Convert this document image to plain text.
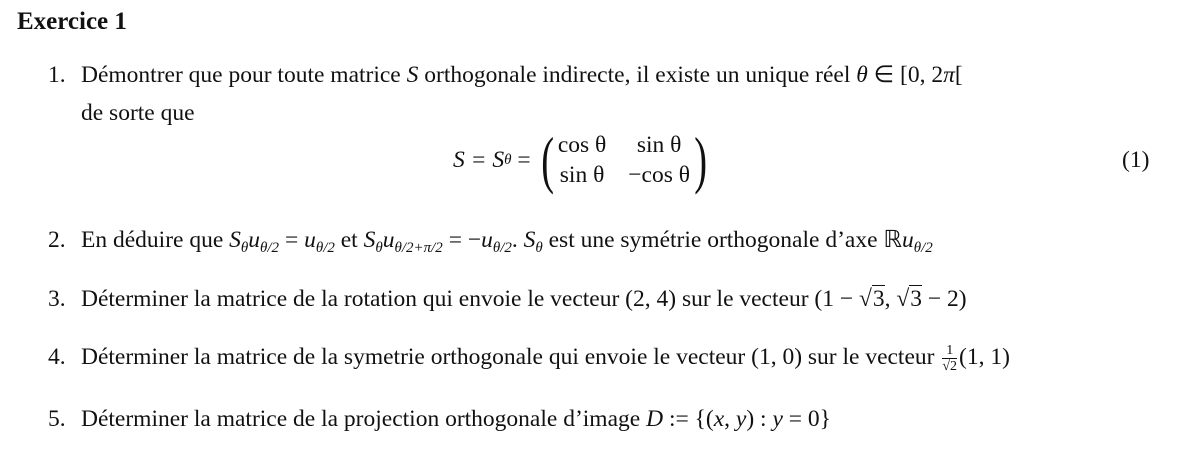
Exercice 1
1. Démontrer que pour toute matrice S orthogonale indirecte, il existe un unique réel θ ∈ [0, 2π[
2. En déduire que $S_\theta u_{\theta/2} = u_{\theta/2}$ et $S_\theta u_{\theta/2+\pi/2} = -u_{\theta/2}$. $S_\theta$ est une symétrie orthogonale d’axe ℝu$_{\theta/2}$
3. Déterminer la matrice de la rotation qui envoie le vecteur (2, 4) sur le vecteur (1 − √3, √3 − 2)
4. Déterminer la matrice de la symetrie orthogonale qui envoie le vecteur (1, 0) sur le vecteur $\frac{1}{√2} (1$, 1)
5. Déterminer la matrice de la projection orthogonale d’image D := {(x, y) : y = 0}
de sorte que
S = S θ = ( cos θ	sin θ
sin θ −cos θ )	(1)
